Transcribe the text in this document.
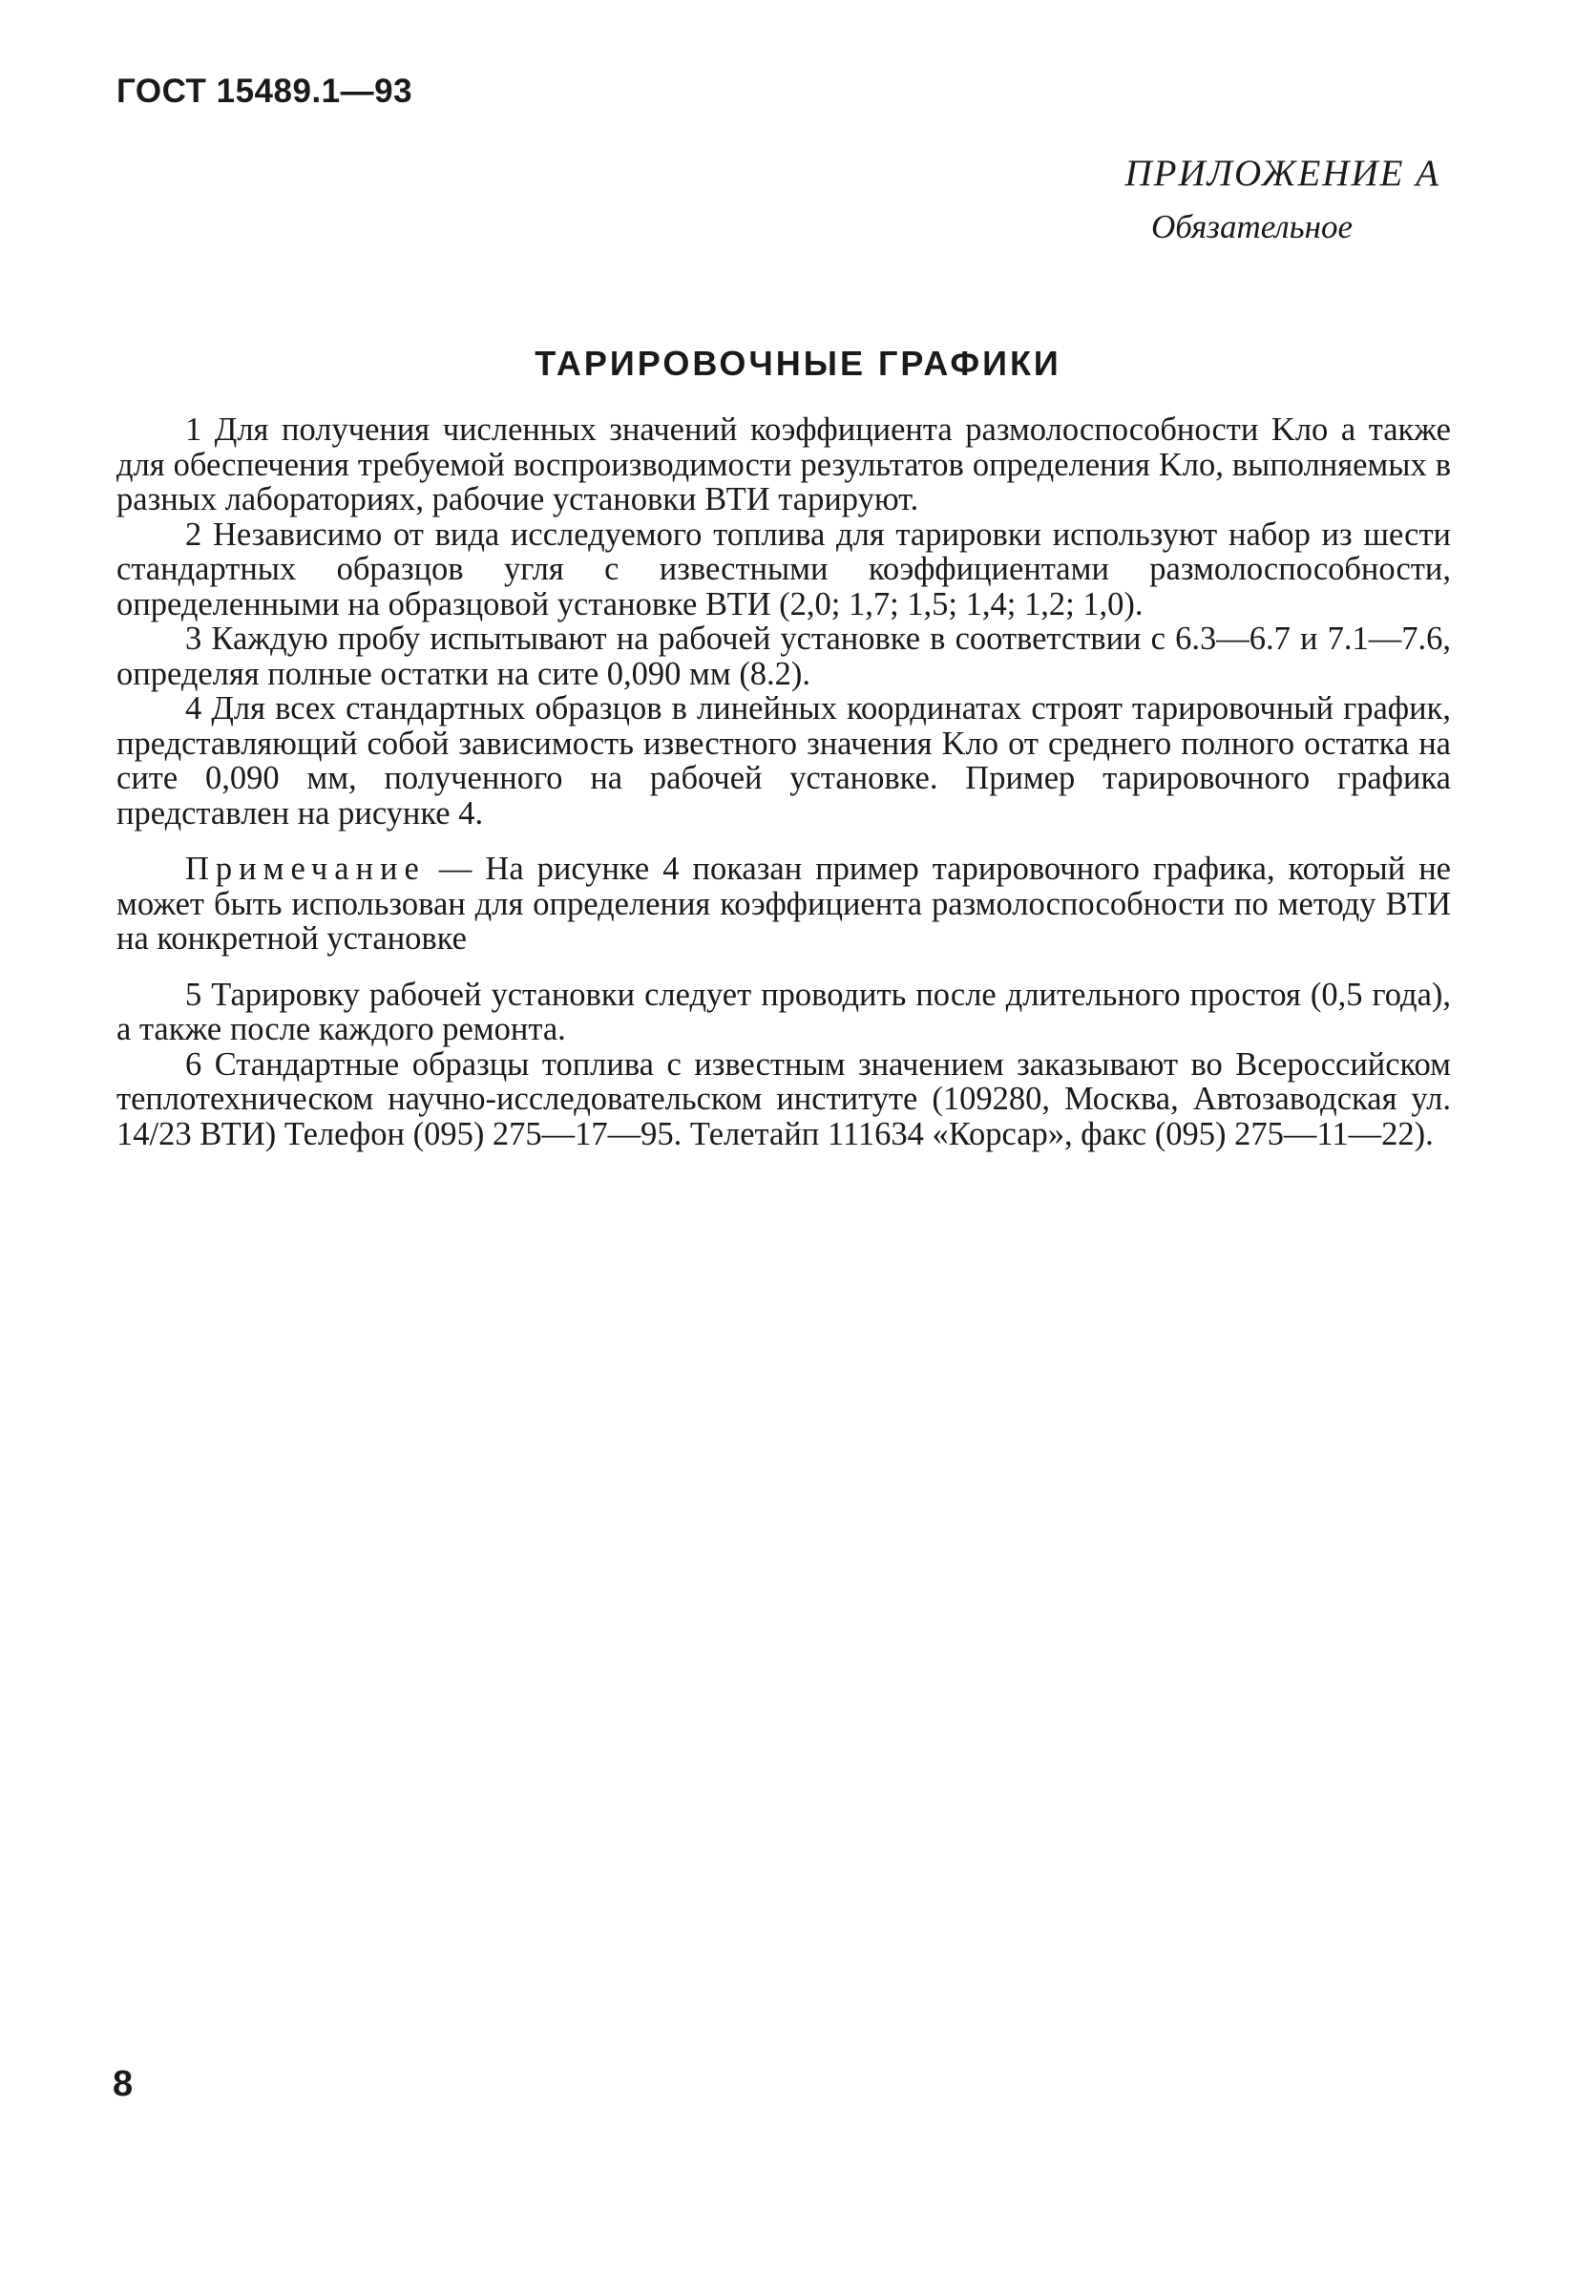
ГОСТ 15489.1—93
ПРИЛОЖЕНИЕ А
Обязательное
ТАРИРОВОЧНЫЕ ГРАФИКИ

1 Для получения численных значений коэффициента размолоспособности Kло а также для обеспечения требуемой воспроизводимости результатов определения Kло, выполняемых в разных лабораториях, рабочие установки ВТИ тарируют.

2 Независимо от вида исследуемого топлива для тарировки используют набор из шести стандартных образцов угля с известными коэффициентами размолоспособности, определенными на образцовой установке ВТИ (2,0; 1,7; 1,5; 1,4; 1,2; 1,0).

3 Каждую пробу испытывают на рабочей установке в соответствии с 6.3—6.7 и 7.1—7.6, определяя полные остатки на сите 0,090 мм (8.2).

4 Для всех стандартных образцов в линейных координатах строят тарировочный график, представляющий собой зависимость известного значения Kло от среднего полного остатка на сите 0,090 мм, полученного на рабочей установке. Пример тарировочного графика представлен на рисунке 4.

Примечание — На рисунке 4 показан пример тарировочного графика, который не может быть использован для определения коэффициента размолоспособности по методу ВТИ на конкретной установке

5 Тарировку рабочей установки следует проводить после длительного простоя (0,5 года), а также после каждого ремонта.

6 Стандартные образцы топлива с известным значением заказывают во Всероссийском теплотехническом научно-исследовательском институте (109280, Москва, Автозаводская ул. 14/23 ВТИ) Телефон (095) 275—17—95. Телетайп 111634 «Корсар», факс (095) 275—11—22).

8
